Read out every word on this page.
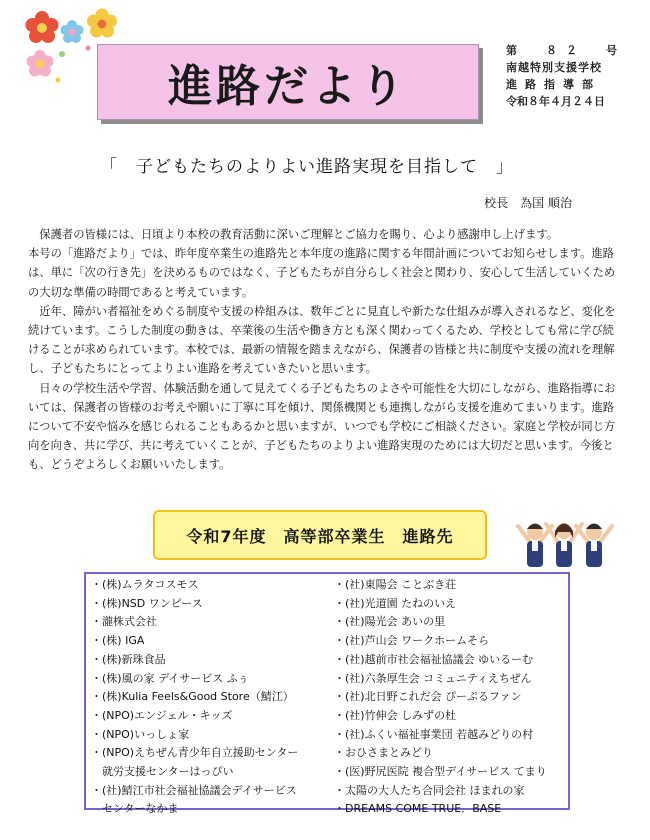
進路だより
第　８２　号
南越特別支援学校
進路指導部
令和８年４月２４日
「　子どもたちのよりよい進路実現を目指して　」
校長　為国 順治

保護者の皆様には、日頃より本校の教育活動に深いご理解とご協力を賜り、心より感謝申し上げます。

本号の「進路だより」では、昨年度卒業生の進路先と本年度の進路に関する年間計画についてお知らせします。進路は、単に「次の行き先」を決めるものではなく、子どもたちが自分らしく社会と関わり、安心して生活していくための大切な準備の時間であると考えています。

近年、障がい者福祉をめぐる制度や支援の枠組みは、数年ごとに見直しや新たな仕組みが導入されるなど、変化を続けています。こうした制度の動きは、卒業後の生活や働き方とも深く関わってくるため、学校としても常に学び続けることが求められています。本校では、最新の情報を踏まえながら、保護者の皆様と共に制度や支援の流れを理解し、子どもたちにとってよりよい進路を考えていきたいと思います。

日々の学校生活や学習、体験活動を通して見えてくる子どもたちのよさや可能性を大切にしながら、進路指導においては、保護者の皆様のお考えや願いに丁寧に耳を傾け、関係機関とも連携しながら支援を進めてまいります。進路について不安や悩みを感じられることもあるかと思いますが、いつでも学校にご相談ください。家庭と学校が同じ方向を向き、共に学び、共に考えていくことが、子どもたちのよりよい進路実現のためには大切だと思います。今後とも、どうぞよろしくお願いいたします。

令和7年度　高等部卒業生　進路先
・(株)ムラタコスモス
・(株)NSD ワンピース
・瀧株式会社
・(株) IGA
・(株)新珠食品
・(株)風の家 デイサービス ふぅ
・(株)Kulia Feels&Good Store（鯖江）
・(NPO)エンジェル・キッズ
・(NPO)いっしょ家
・(NPO)えちぜん青少年自立援助センター
　就労支援センターはっぴい
・(社)鯖江市社会福祉協議会デイサービス
　センターなかま
・(社)東陽会 ことぶき荘
・(社)光道園 たねのいえ
・(社)陽光会 あいの里
・(社)芦山会 ワークホームそら
・(社)越前市社会福祉協議会 ゆいるーむ
・(社)六条厚生会 コミュニティえちぜん
・(社)北日野これだ会 ぴーぷるファン
・(社)竹伸会 しみずの杜
・(社)ふくい福祉事業団 若越みどりの村
・おひさまとみどり
・(医)野尻医院 複合型デイサービス てまり
・太陽の大人たち合同会社 ほまれの家
・DREAMS COME TRUE．BASE
